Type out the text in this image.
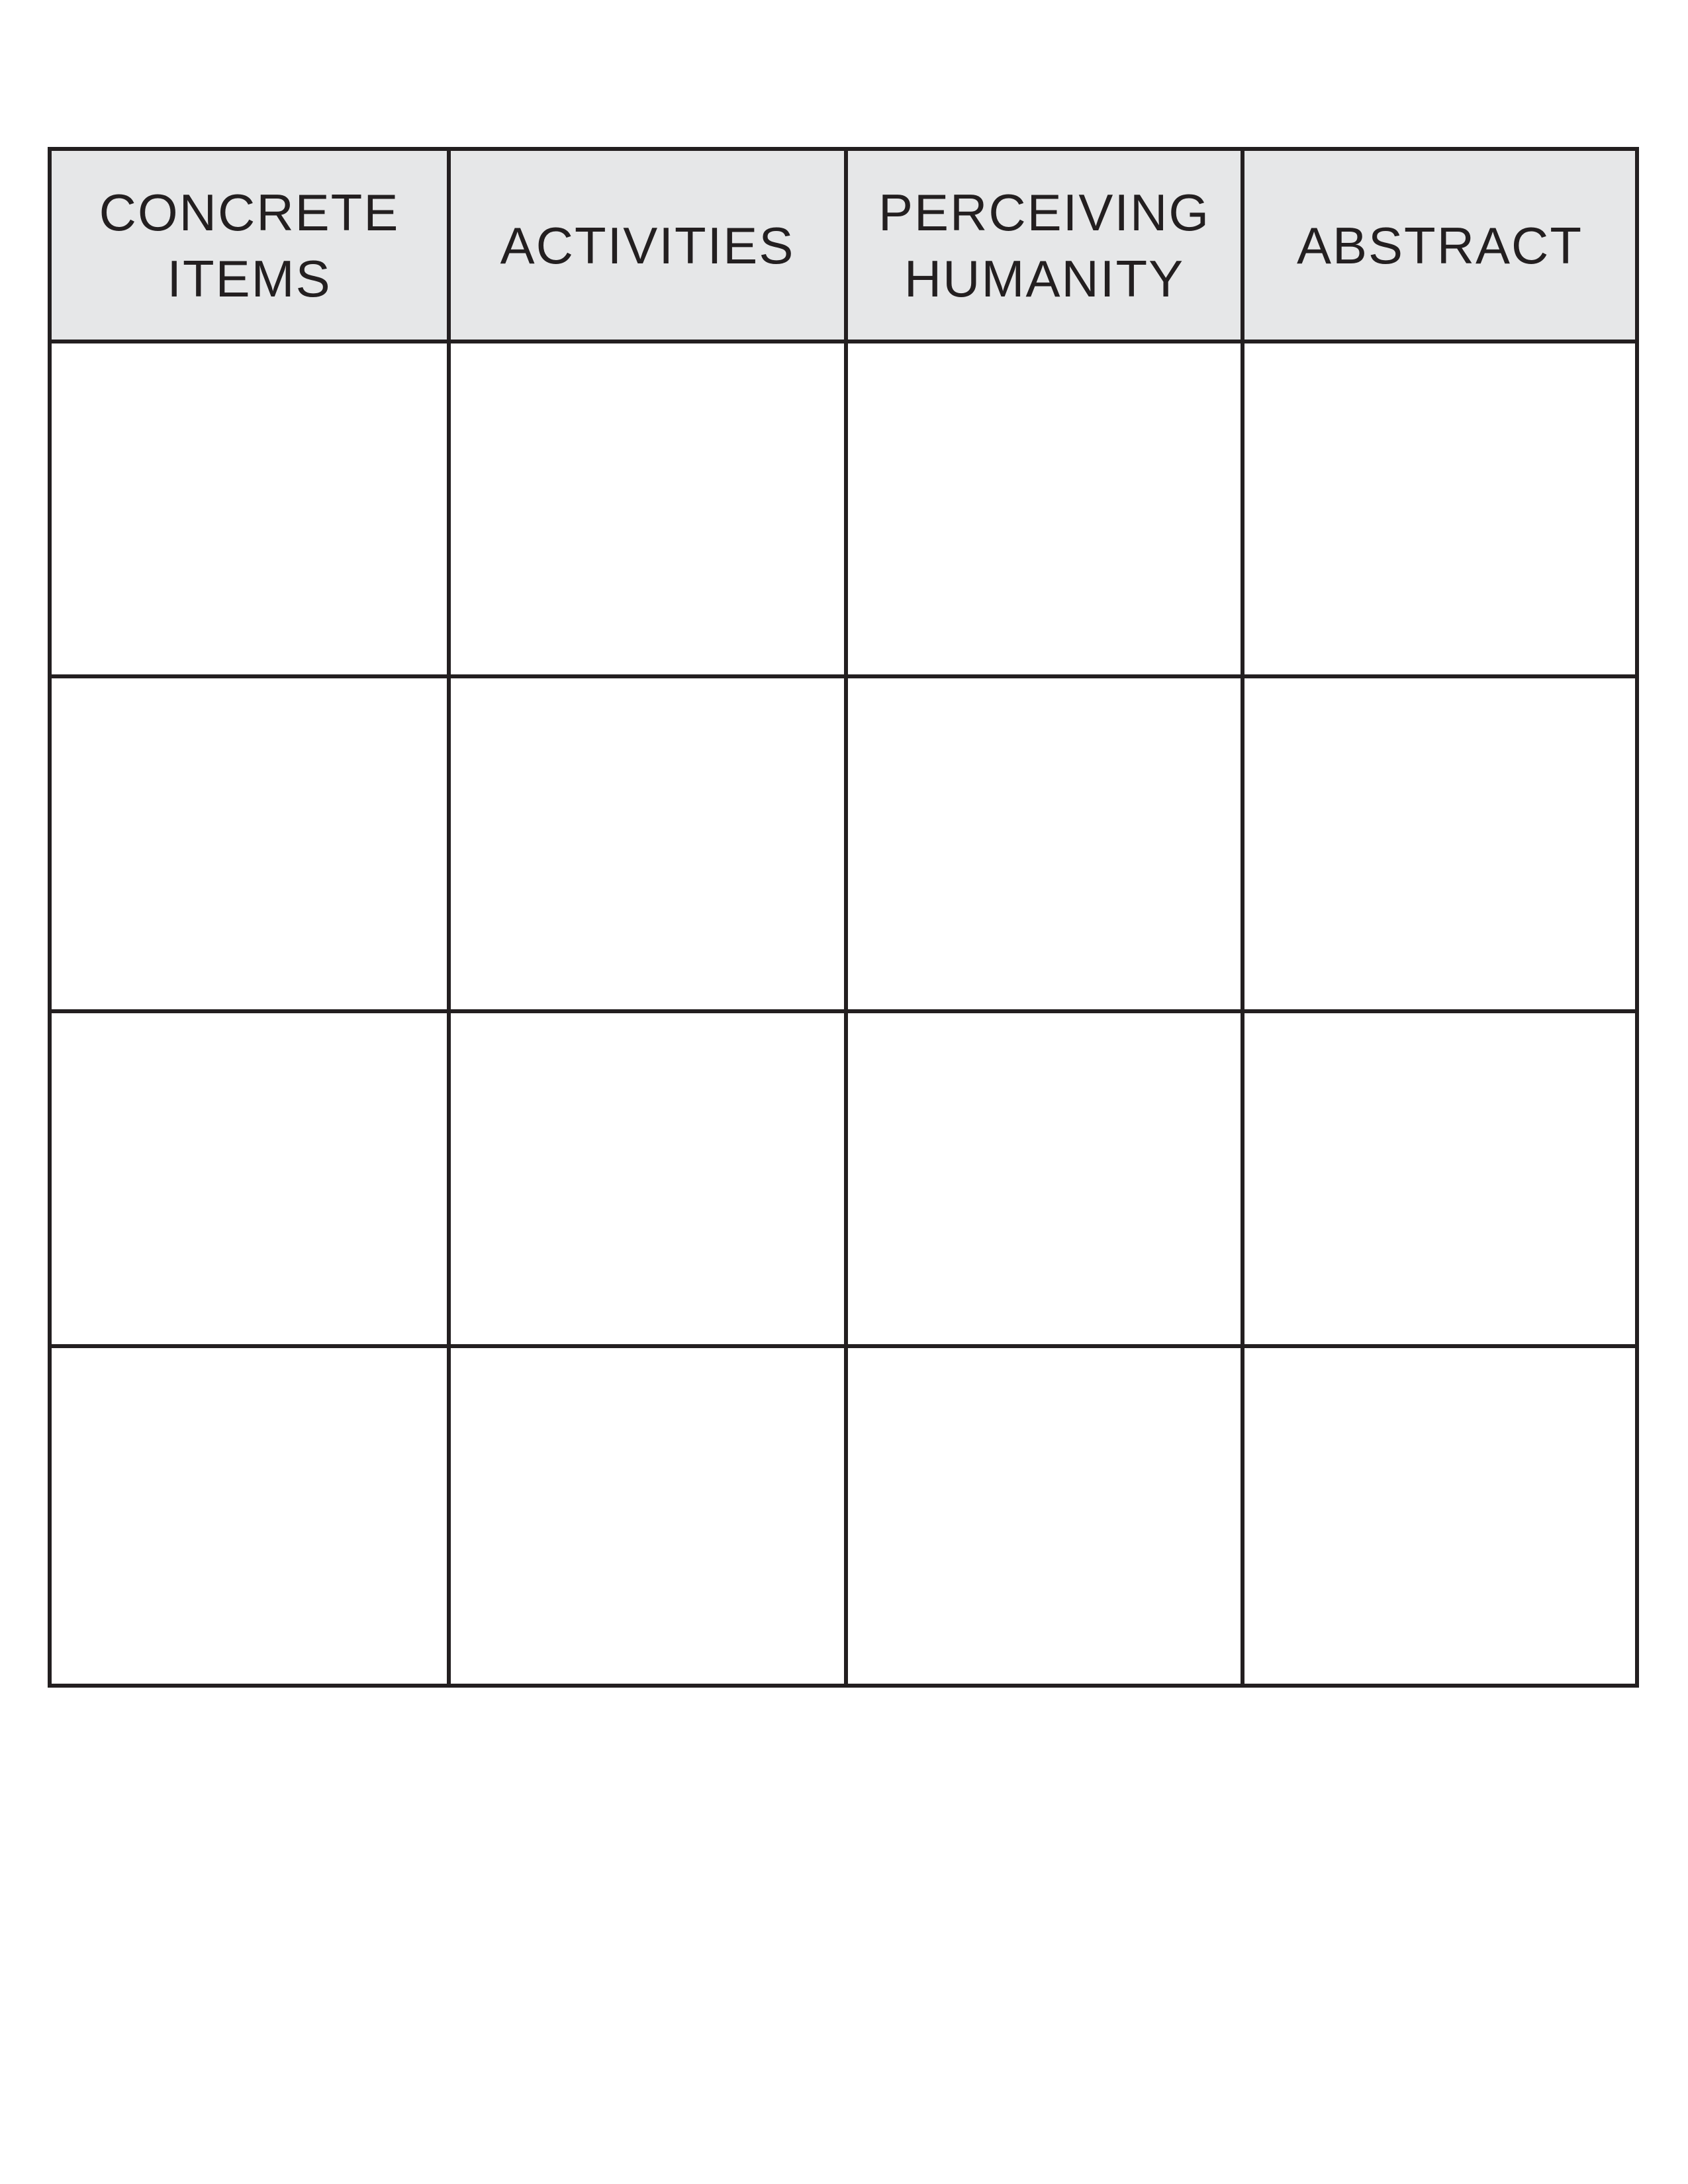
CONCRETE
ITEMS
ACTIVITIES
PERCEIVING
HUMANITY
ABSTRACT
